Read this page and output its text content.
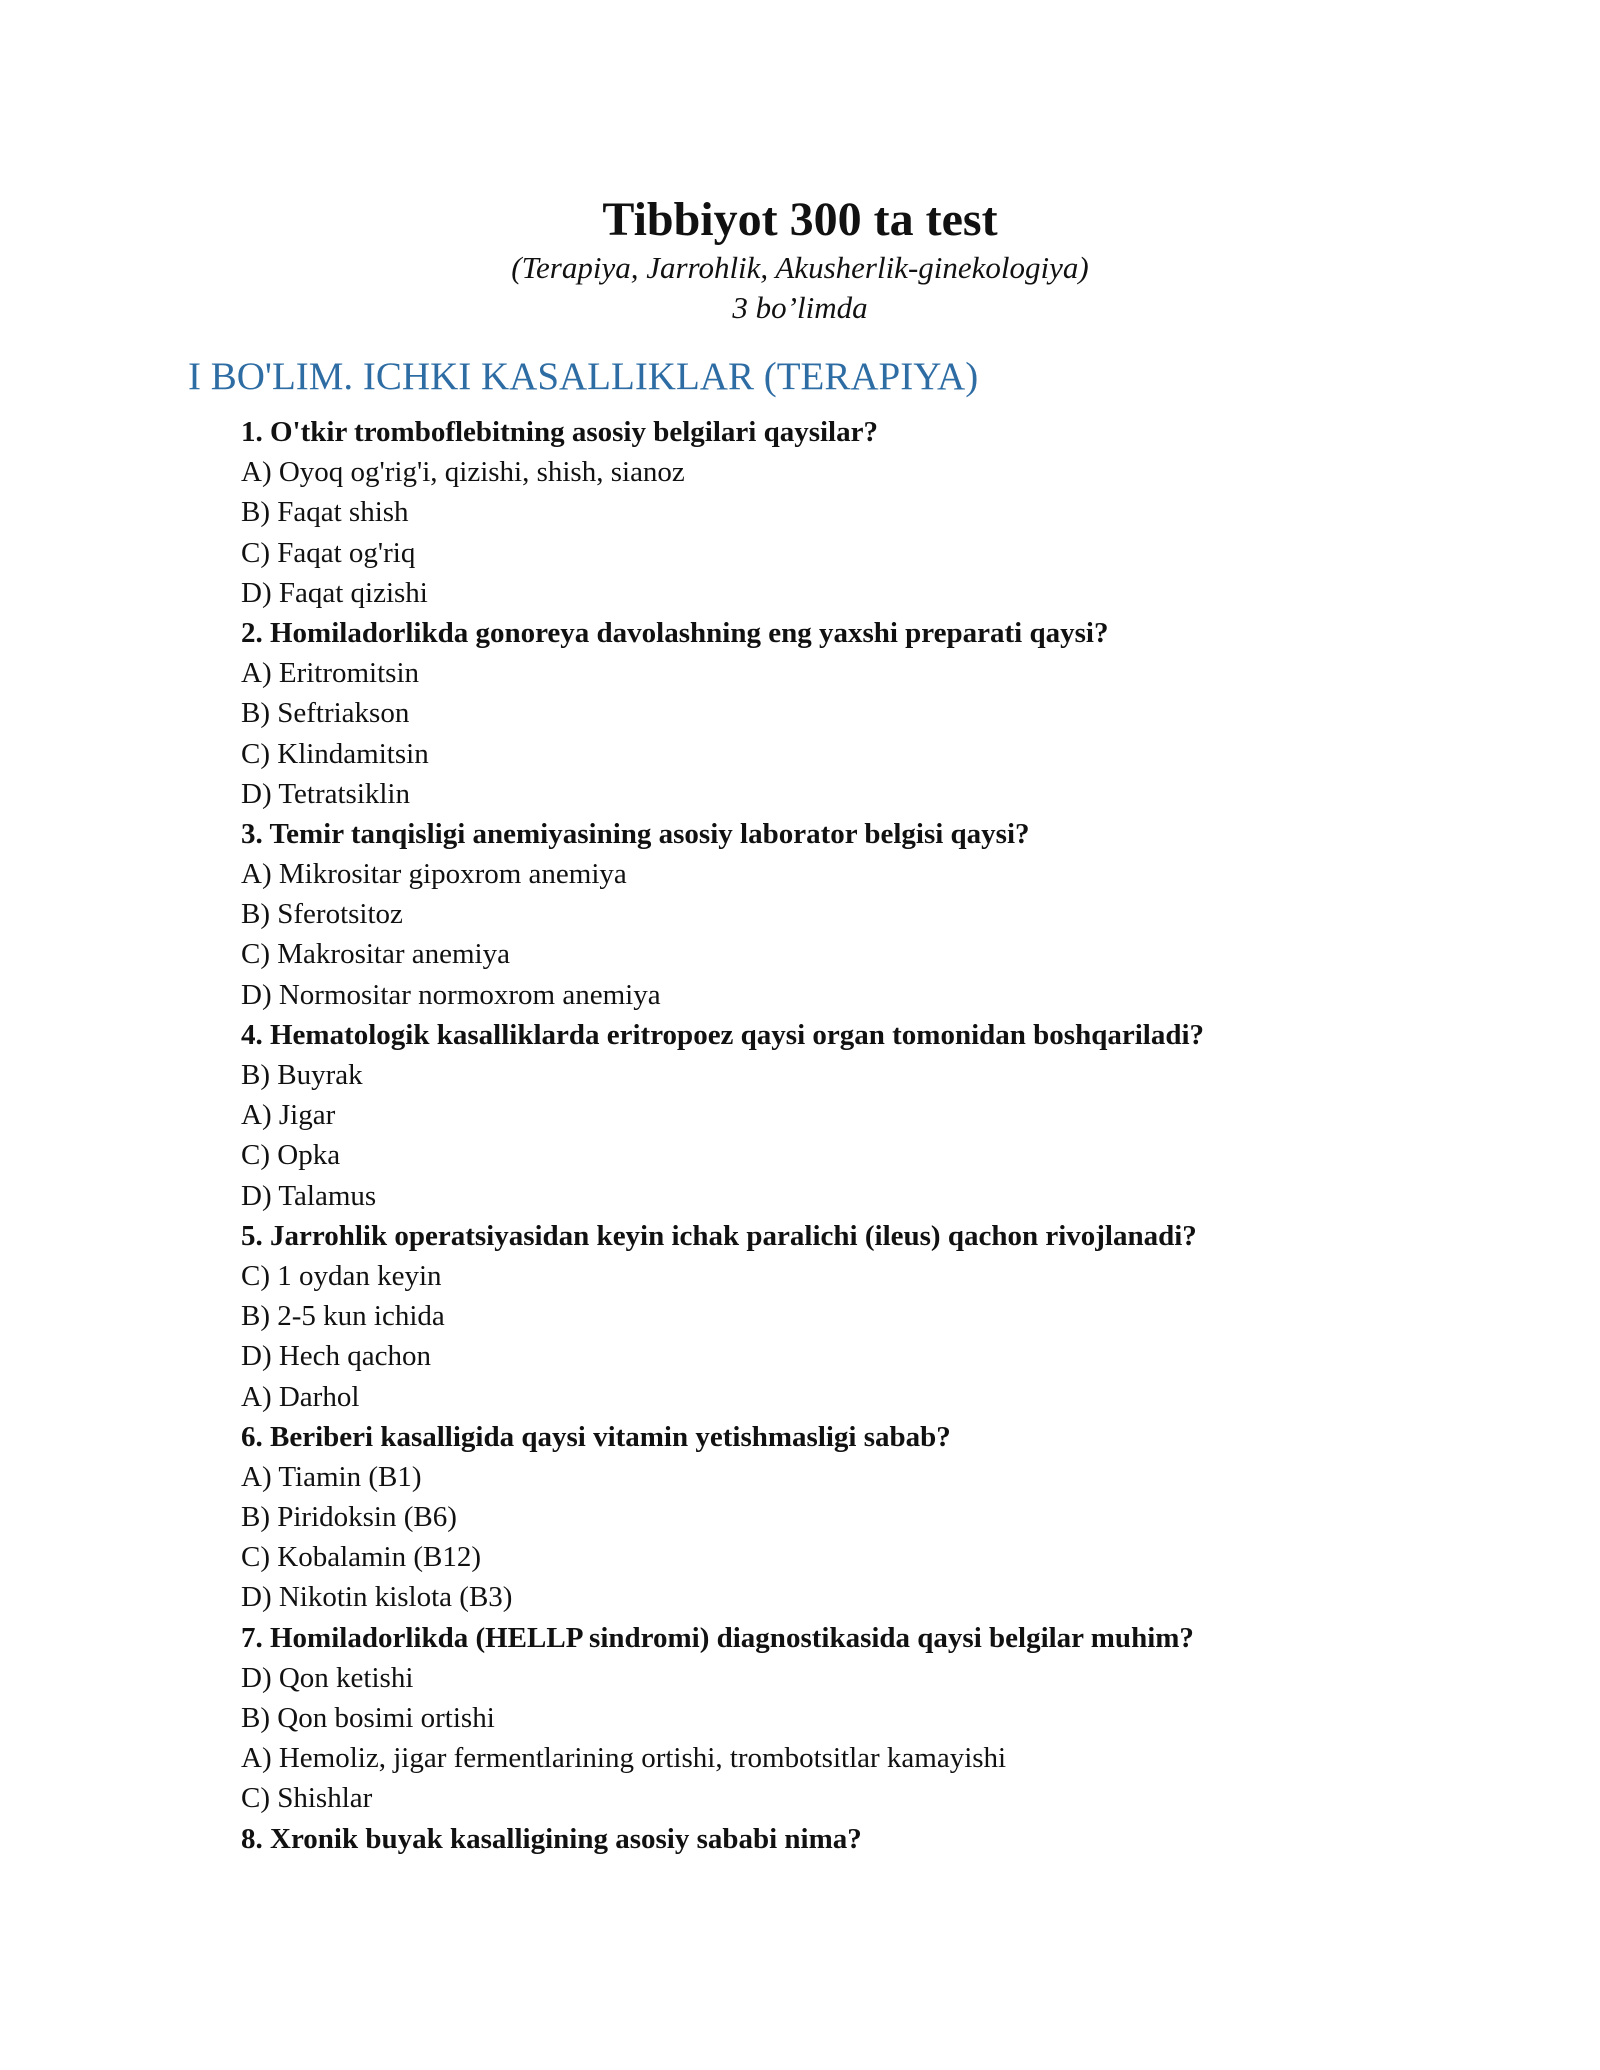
Tibbiyot 300 ta test
(Terapiya, Jarrohlik, Akusherlik-ginekologiya)
3 bo’limda
I BO'LIM. ICHKI KASALLIKLAR (TERAPIYA)
1. O'tkir tromboflebitning asosiy belgilari qaysilar?
A) Oyoq og'rig'i, qizishi, shish, sianoz
B) Faqat shish
C) Faqat og'riq
D) Faqat qizishi
2. Homiladorlikda gonoreya davolashning eng yaxshi preparati qaysi?
A) Eritromitsin
B) Seftriakson
C) Klindamitsin
D) Tetratsiklin
3. Temir tanqisligi anemiyasining asosiy laborator belgisi qaysi?
A) Mikrositar gipoxrom anemiya
B) Sferotsitoz
C) Makrositar anemiya
D) Normositar normoxrom anemiya
4. Hematologik kasalliklarda eritropoez qaysi organ tomonidan boshqariladi?
B) Buyrak
A) Jigar
C) Opka
D) Talamus
5. Jarrohlik operatsiyasidan keyin ichak paralichi (ileus) qachon rivojlanadi?
C) 1 oydan keyin
B) 2-5 kun ichida
D) Hech qachon
A) Darhol
6. Beriberi kasalligida qaysi vitamin yetishmasligi sabab?
A) Tiamin (B1)
B) Piridoksin (B6)
C) Kobalamin (B12)
D) Nikotin kislota (B3)
7. Homiladorlikda (HELLP sindromi) diagnostikasida qaysi belgilar muhim?
D) Qon ketishi
B) Qon bosimi ortishi
A) Hemoliz, jigar fermentlarining ortishi, trombotsitlar kamayishi
C) Shishlar
8. Xronik buyak kasalligining asosiy sababi nima?
